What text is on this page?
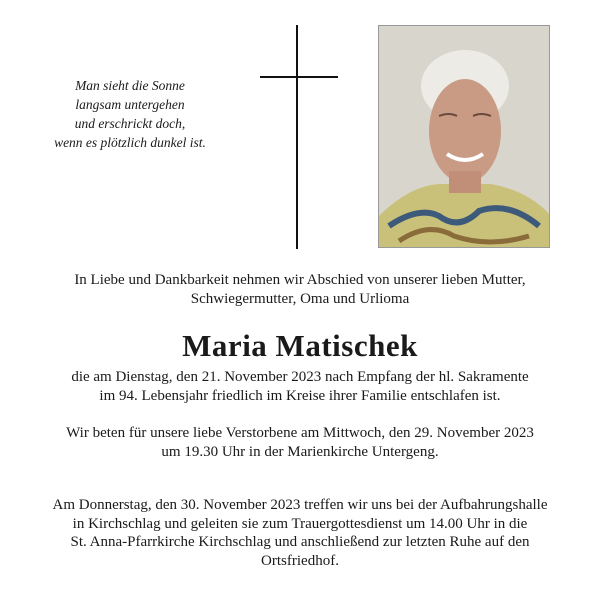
Man sieht die Sonne
langsam untergehen
und erschrickt doch,
wenn es plötzlich dunkel ist.
In Liebe und Dankbarkeit nehmen wir Abschied von unserer lieben Mutter,
Schwiegermutter, Oma und Urlioma
Maria Matischek
die am Dienstag, den 21. November 2023 nach Empfang der hl. Sakramente
im 94. Lebensjahr friedlich im Kreise ihrer Familie entschlafen ist.
Wir beten für unsere liebe Verstorbene am Mittwoch, den 29. November 2023
um 19.30 Uhr in der Marienkirche Untergeng.
Am Donnerstag, den 30. November 2023 treffen wir uns bei der Aufbahrungshalle
in Kirchschlag und geleiten sie zum Trauergottesdienst um 14.00 Uhr in die
St. Anna-Pfarrkirche Kirchschlag und anschließend zur letzten Ruhe auf den
Ortsfriedhof.
